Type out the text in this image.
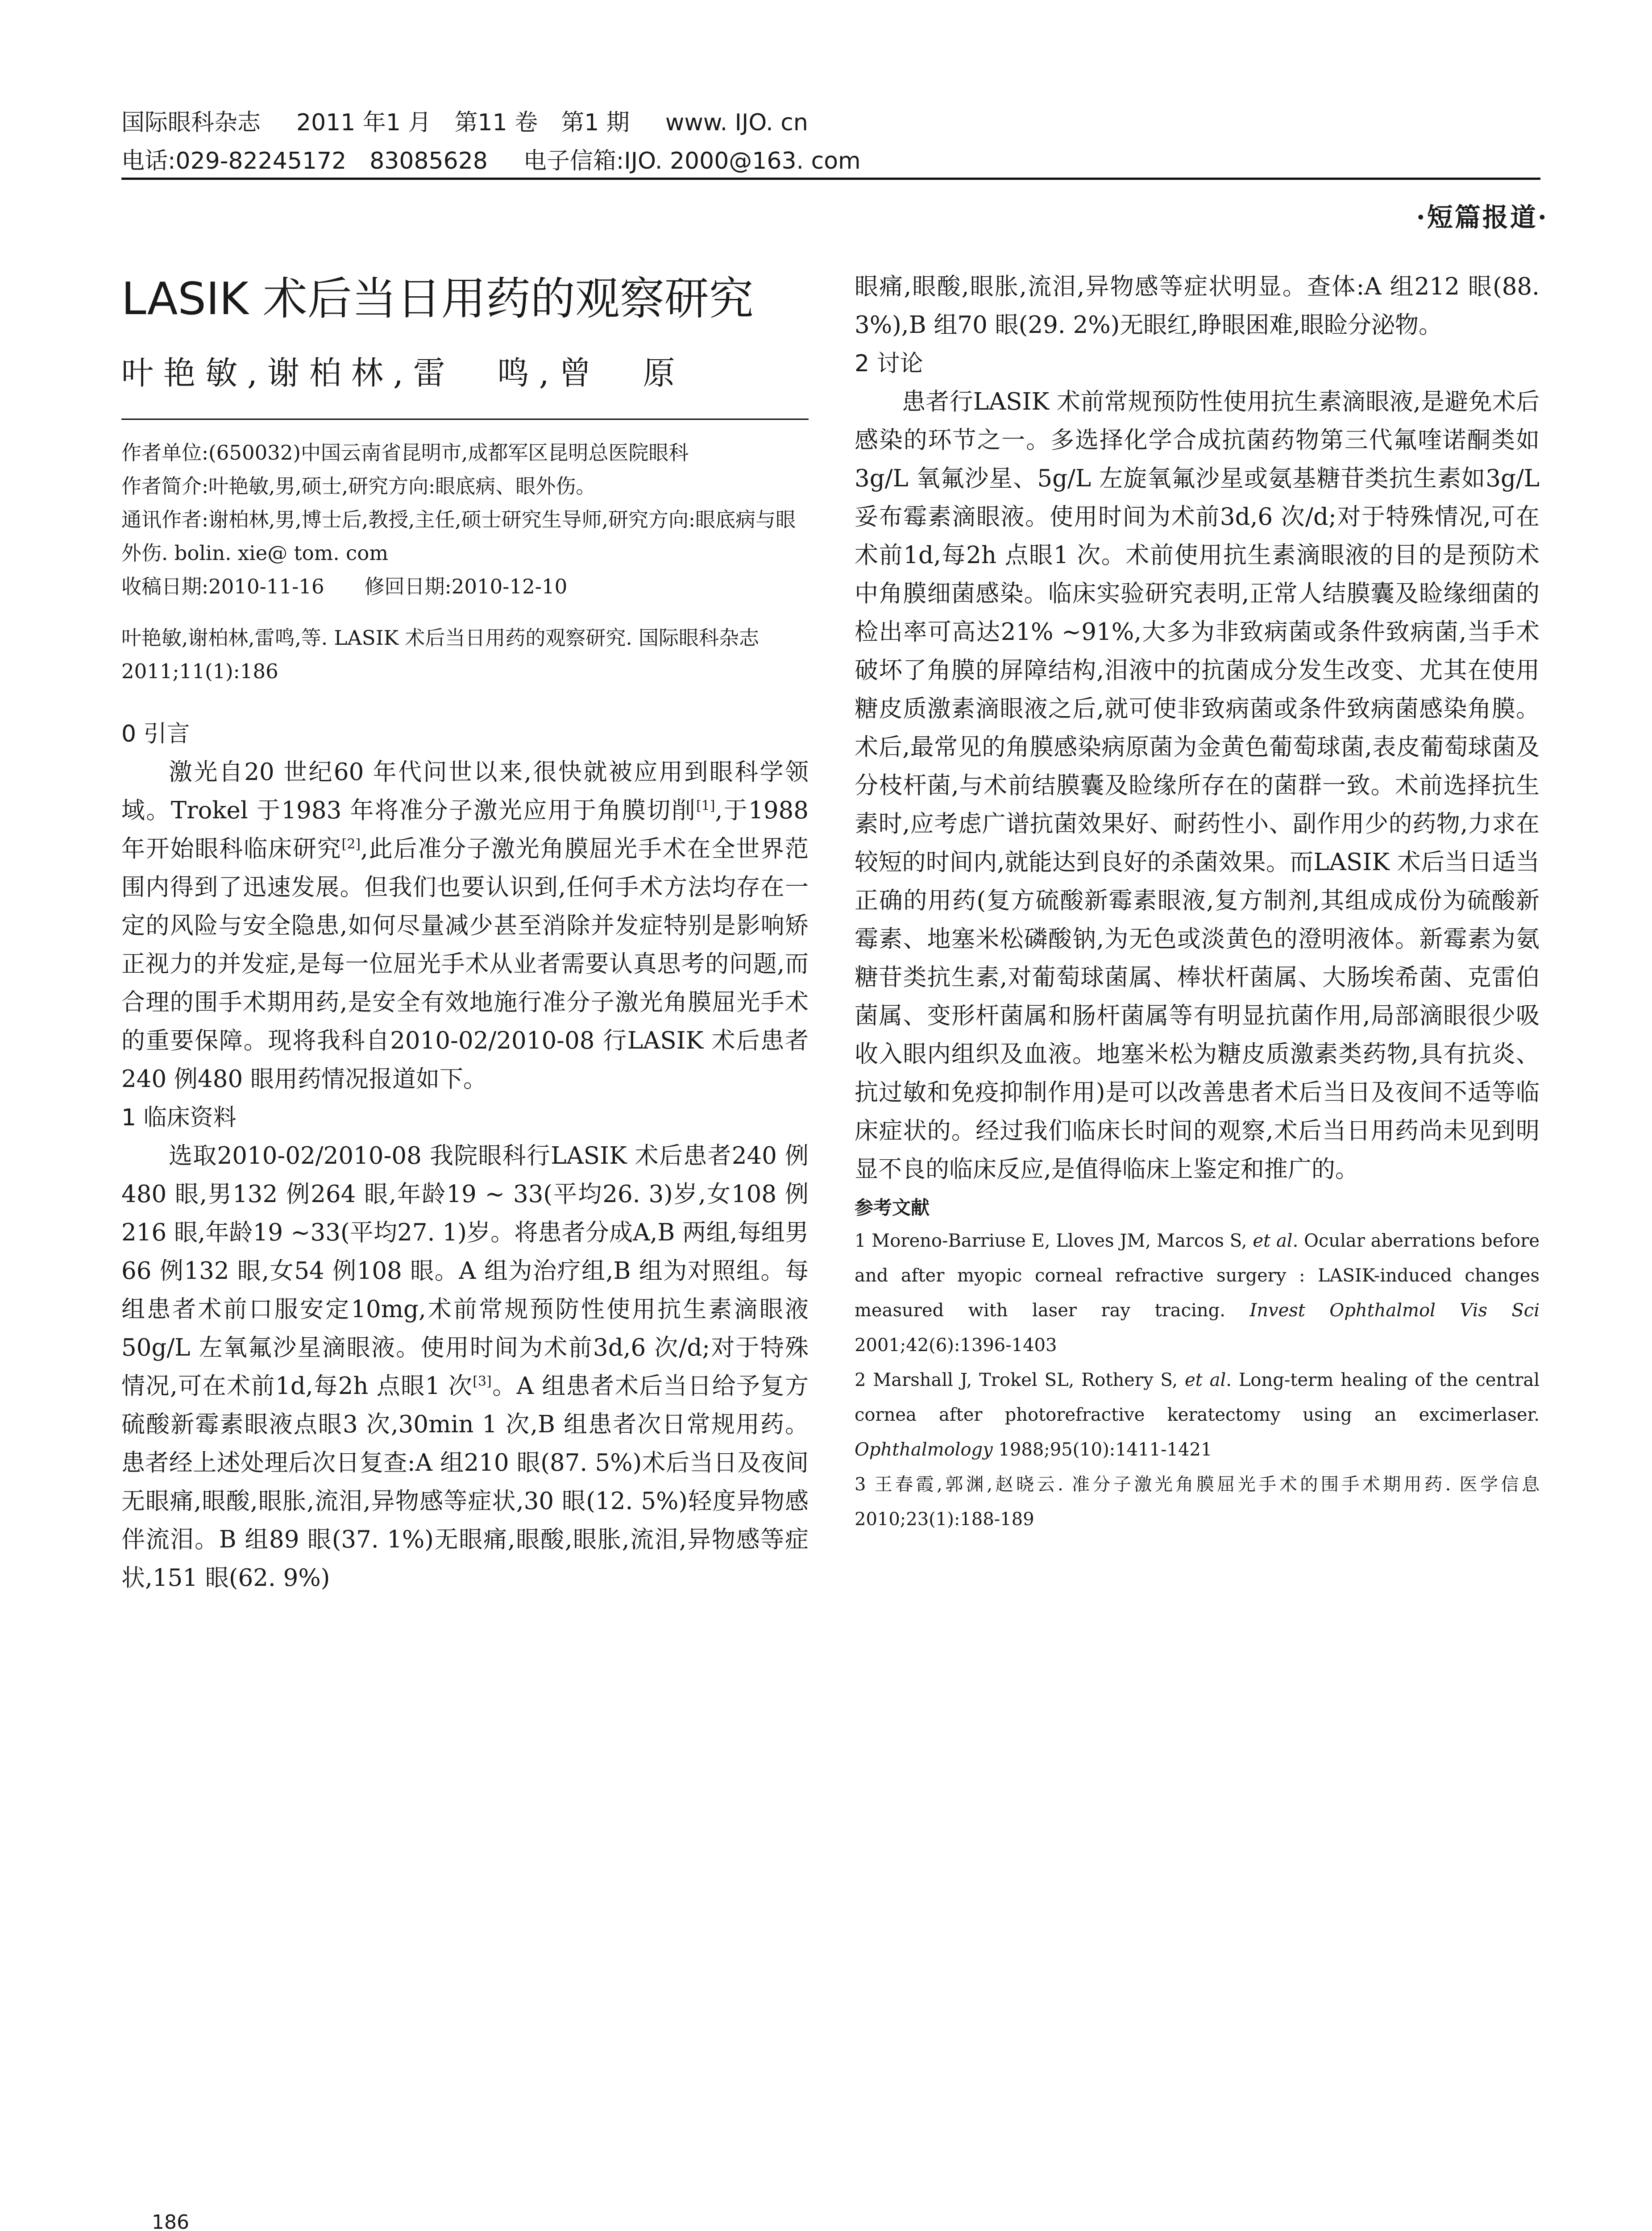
国际眼科杂志 2011 年1 月　第11 卷　第1 期 www. IJO. cn
电话:029-82245172　83085628 电子信箱:IJO. 2000@163. com
·短篇报道·
LASIK 术后当日用药的观察研究
叶艳敏,谢柏林,雷　鸣,曾　原

作者单位:(650032)中国云南省昆明市,成都军区昆明总医院眼科

作者简介:叶艳敏,男,硕士,研究方向:眼底病、眼外伤。

通讯作者:谢柏林,男,博士后,教授,主任,硕士研究生导师,研究方向:眼底病与眼外伤. bolin. xie@ tom. com

收稿日期:2010-11-16　　修回日期:2010-12-10

叶艳敏,谢柏林,雷鸣,等. LASIK 术后当日用药的观察研究. 国际眼科杂志 2011;11(1):186

0 引言

激光自20 世纪60 年代问世以来,很快就被应用到眼科学领域。Trokel 于1983 年将准分子激光应用于角膜切削[1],于1988 年开始眼科临床研究[2],此后准分子激光角膜屈光手术在全世界范围内得到了迅速发展。但我们也要认识到,任何手术方法均存在一定的风险与安全隐患,如何尽量减少甚至消除并发症特别是影响矫正视力的并发症,是每一位屈光手术从业者需要认真思考的问题,而合理的围手术期用药,是安全有效地施行准分子激光角膜屈光手术的重要保障。现将我科自2010-02/2010-08 行LASIK 术后患者240 例480 眼用药情况报道如下。

1 临床资料

选取2010-02/2010-08 我院眼科行LASIK 术后患者240 例480 眼,男132 例264 眼,年龄19 ~ 33(平均26. 3)岁,女108 例216 眼,年龄19 ~33(平均27. 1)岁。将患者分成A,B 两组,每组男66 例132 眼,女54 例108 眼。A 组为治疗组,B 组为对照组。每组患者术前口服安定10mg,术前常规预防性使用抗生素滴眼液50g/L 左氧氟沙星滴眼液。使用时间为术前3d,6 次/d;对于特殊情况,可在术前1d,每2h 点眼1 次[3]。A 组患者术后当日给予复方硫酸新霉素眼液点眼3 次,30min 1 次,B 组患者次日常规用药。患者经上述处理后次日复查:A 组210 眼(87. 5%)术后当日及夜间无眼痛,眼酸,眼胀,流泪,异物感等症状,30 眼(12. 5%)轻度异物感伴流泪。B 组89 眼(37. 1%)无眼痛,眼酸,眼胀,流泪,异物感等症状,151 眼(62. 9%)

眼痛,眼酸,眼胀,流泪,异物感等症状明显。查体:A 组212 眼(88. 3%),B 组70 眼(29. 2%)无眼红,睁眼困难,眼睑分泌物。

2 讨论

患者行LASIK 术前常规预防性使用抗生素滴眼液,是避免术后感染的环节之一。多选择化学合成抗菌药物第三代氟喹诺酮类如3g/L 氧氟沙星、5g/L 左旋氧氟沙星或氨基糖苷类抗生素如3g/L 妥布霉素滴眼液。使用时间为术前3d,6 次/d;对于特殊情况,可在术前1d,每2h 点眼1 次。术前使用抗生素滴眼液的目的是预防术中角膜细菌感染。临床实验研究表明,正常人结膜囊及睑缘细菌的检出率可高达21% ~91%,大多为非致病菌或条件致病菌,当手术破坏了角膜的屏障结构,泪液中的抗菌成分发生改变、尤其在使用糖皮质激素滴眼液之后,就可使非致病菌或条件致病菌感染角膜。术后,最常见的角膜感染病原菌为金黄色葡萄球菌,表皮葡萄球菌及分枝杆菌,与术前结膜囊及睑缘所存在的菌群一致。术前选择抗生素时,应考虑广谱抗菌效果好、耐药性小、副作用少的药物,力求在较短的时间内,就能达到良好的杀菌效果。而LASIK 术后当日适当正确的用药(复方硫酸新霉素眼液,复方制剂,其组成成份为硫酸新霉素、地塞米松磷酸钠,为无色或淡黄色的澄明液体。新霉素为氨糖苷类抗生素,对葡萄球菌属、棒状杆菌属、大肠埃希菌、克雷伯菌属、变形杆菌属和肠杆菌属等有明显抗菌作用,局部滴眼很少吸收入眼内组织及血液。地塞米松为糖皮质激素类药物,具有抗炎、抗过敏和免疫抑制作用)是可以改善患者术后当日及夜间不适等临床症状的。经过我们临床长时间的观察,术后当日用药尚未见到明显不良的临床反应,是值得临床上鉴定和推广的。

参考文献

1 Moreno-Barriuse E, Lloves JM, Marcos S, et al. Ocular aberrations before and after myopic corneal refractive surgery : LASIK-induced changes measured with laser ray tracing. Invest Ophthalmol Vis Sci 2001;42(6):1396-1403

2 Marshall J, Trokel SL, Rothery S, et al. Long-term healing of the central cornea after photorefractive keratectomy using an excimerlaser. Ophthalmology 1988;95(10):1411-1421

3 王春霞,郭渊,赵晓云. 准分子激光角膜屈光手术的围手术期用药. 医学信息2010;23(1):188-189

186
